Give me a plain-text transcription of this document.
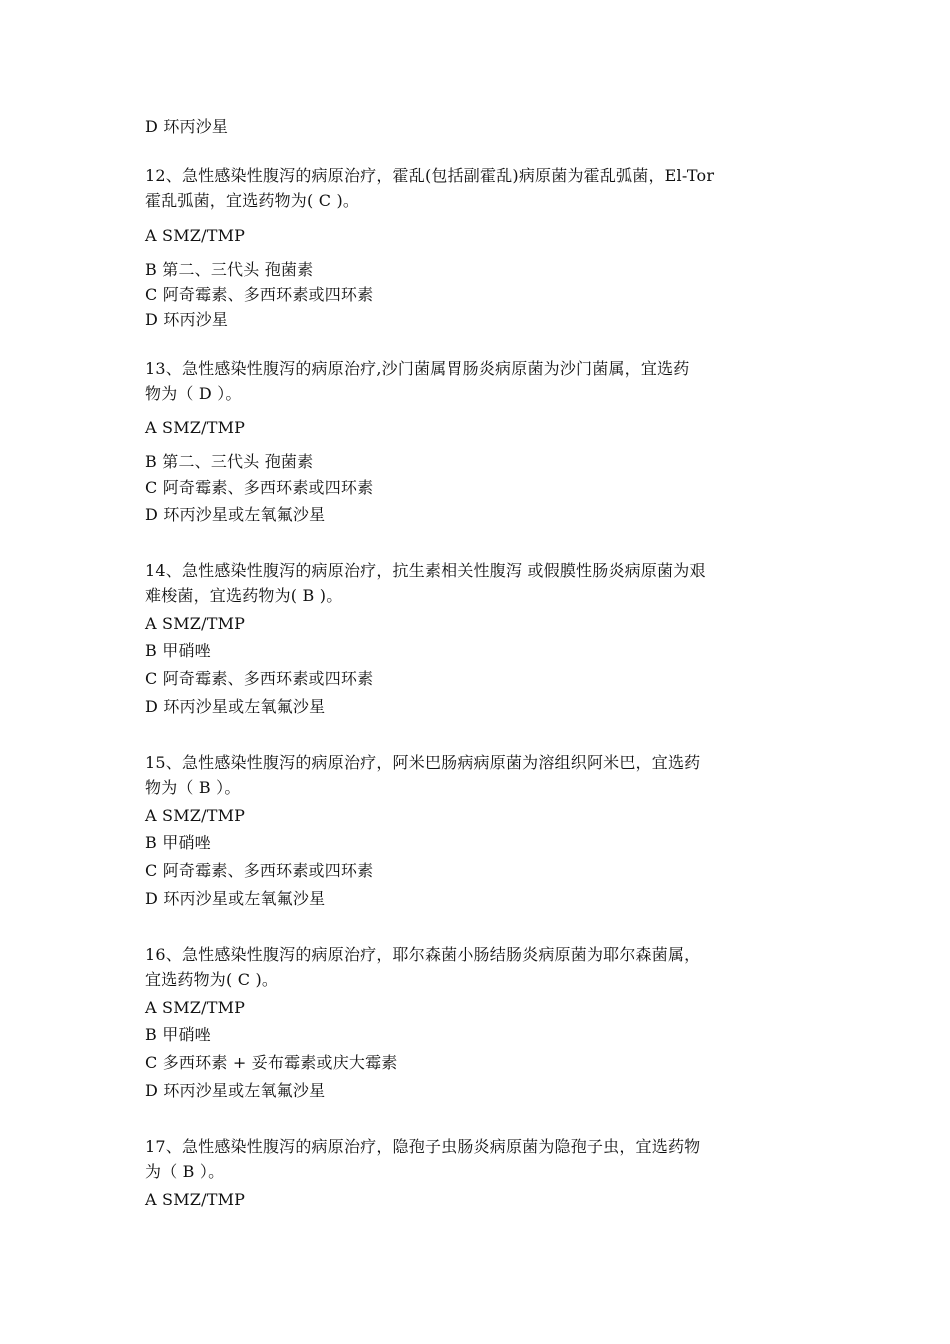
D 环丙沙星
12、急性感染性腹泻的病原治疗，霍乱(包括副霍乱)病原菌为霍乱弧菌，El-Tor
霍乱弧菌，宜选药物为( C )。
A SMZ/TMP
B 第二、三代头 孢菌素
C 阿奇霉素、多西环素或四环素
D 环丙沙星
13、急性感染性腹泻的病原治疗,沙门菌属胃肠炎病原菌为沙门菌属，宜选药
物为（ D ）。
A SMZ/TMP
B 第二、三代头 孢菌素
C 阿奇霉素、多西环素或四环素
D 环丙沙星或左氧氟沙星
14、急性感染性腹泻的病原治疗，抗生素相关性腹泻 或假膜性肠炎病原菌为艰
难梭菌，宜选药物为( B )。
A SMZ/TMP
B 甲硝唑
C 阿奇霉素、多西环素或四环素
D 环丙沙星或左氧氟沙星
15、急性感染性腹泻的病原治疗，阿米巴肠病病原菌为溶组织阿米巴，宜选药
物为（ B ）。
A SMZ/TMP
B 甲硝唑
C 阿奇霉素、多西环素或四环素
D 环丙沙星或左氧氟沙星
16、急性感染性腹泻的病原治疗，耶尔森菌小肠结肠炎病原菌为耶尔森菌属，
宜选药物为( C )。
A SMZ/TMP
B 甲硝唑
C 多西环素 + 妥布霉素或庆大霉素
D 环丙沙星或左氧氟沙星
17、急性感染性腹泻的病原治疗，隐孢子虫肠炎病原菌为隐孢子虫，宜选药物
为（ B ）。
A SMZ/TMP
